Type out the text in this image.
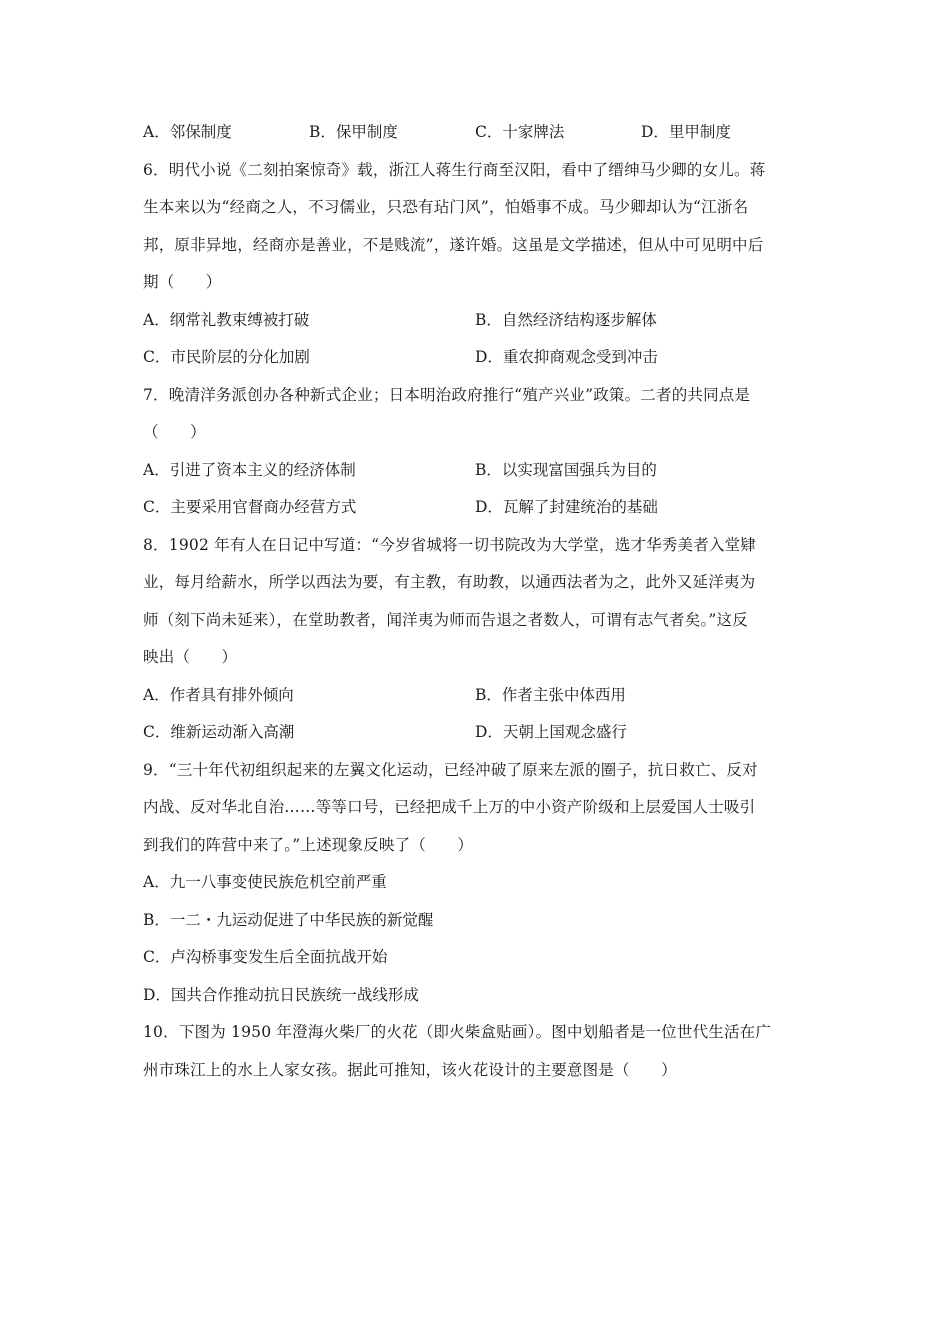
A．邻保制度	B．保甲制度	C．十家牌法	D．里甲制度
6．明代小说《二刻拍案惊奇》载，浙江人蒋生行商至汉阳，看中了缙绅马少卿的女儿。蒋
生本来以为“经商之人，不习儒业，只恐有玷门风”，怕婚事不成。马少卿却认为“江浙名
邦，原非异地，经商亦是善业，不是贱流”，遂许婚。这虽是文学描述，但从中可见明中后
期（　　）
A．纲常礼教束缚被打破	B．自然经济结构逐步解体
C．市民阶层的分化加剧	D．重农抑商观念受到冲击
7．晚清洋务派创办各种新式企业；日本明治政府推行“殖产兴业”政策。二者的共同点是
（　　）
A．引进了资本主义的经济体制	B．以实现富国强兵为目的
C．主要采用官督商办经营方式	D．瓦解了封建统治的基础
8．1902 年有人在日记中写道：“今岁省城将一切书院改为大学堂，选才华秀美者入堂肄
业，每月给薪水，所学以西法为要，有主教，有助教，以通西法者为之，此外又延洋夷为
师（刻下尚未延来），在堂助教者，闻洋夷为师而告退之者数人，可谓有志气者矣。”这反
映出（　　）
A．作者具有排外倾向	B．作者主张中体西用
C．维新运动渐入高潮	D．天朝上国观念盛行
9．“三十年代初组织起来的左翼文化运动，已经冲破了原来左派的圈子，抗日救亡、反对
内战、反对华北自治……等等口号，已经把成千上万的中小资产阶级和上层爱国人士吸引
到我们的阵营中来了。”上述现象反映了（　　）
A．九一八事变使民族危机空前严重
B．一二・九运动促进了中华民族的新觉醒
C．卢沟桥事变发生后全面抗战开始
D．国共合作推动抗日民族统一战线形成
10．下图为 1950 年澄海火柴厂的火花（即火柴盒贴画）。图中划船者是一位世代生活在广
州市珠江上的水上人家女孩。据此可推知，该火花设计的主要意图是（　　）
